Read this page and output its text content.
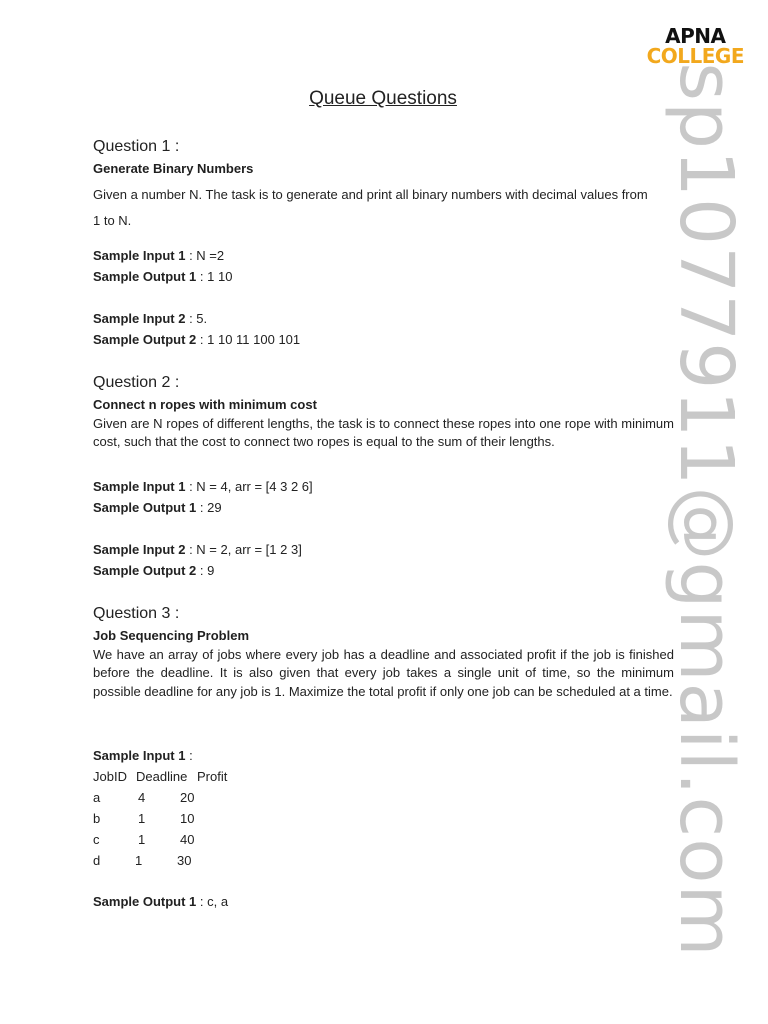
APNA
COLLEGE
sp1077911@gmail.com
Queue Questions

Question 1 :

Generate Binary Numbers

Given a number N. The task is to generate and print all binary numbers with decimal values from
1 to N.
Sample Input 1 : N =2
Sample Output 1 : 1 10
Sample Input 2 : 5.
Sample Output 2 : 1 10 11 100 101

Question 2 :

Connect n ropes with minimum cost

Given are N ropes of different lengths, the task is to connect these ropes into one rope with minimum cost, such that the cost to connect two ropes is equal to the sum of their lengths.

Sample Input 1 : N = 4, arr = [4 3 2 6]
Sample Output 1 : 29
Sample Input 2 : N = 2, arr = [1 2 3]
Sample Output 2 : 9

Question 3 :

Job Sequencing Problem

We have an array of jobs where every job has a deadline and associated profit if the job is finished before the deadline. It is also given that every job takes a single unit of time, so the minimum possible deadline for any job is 1. Maximize the total profit if only one job can be scheduled at a time.

Sample Input 1 :
JobID Deadline Profit
a	4	20
b	1	10
c	1	40
d	1	30
Sample Output 1 : c, a
